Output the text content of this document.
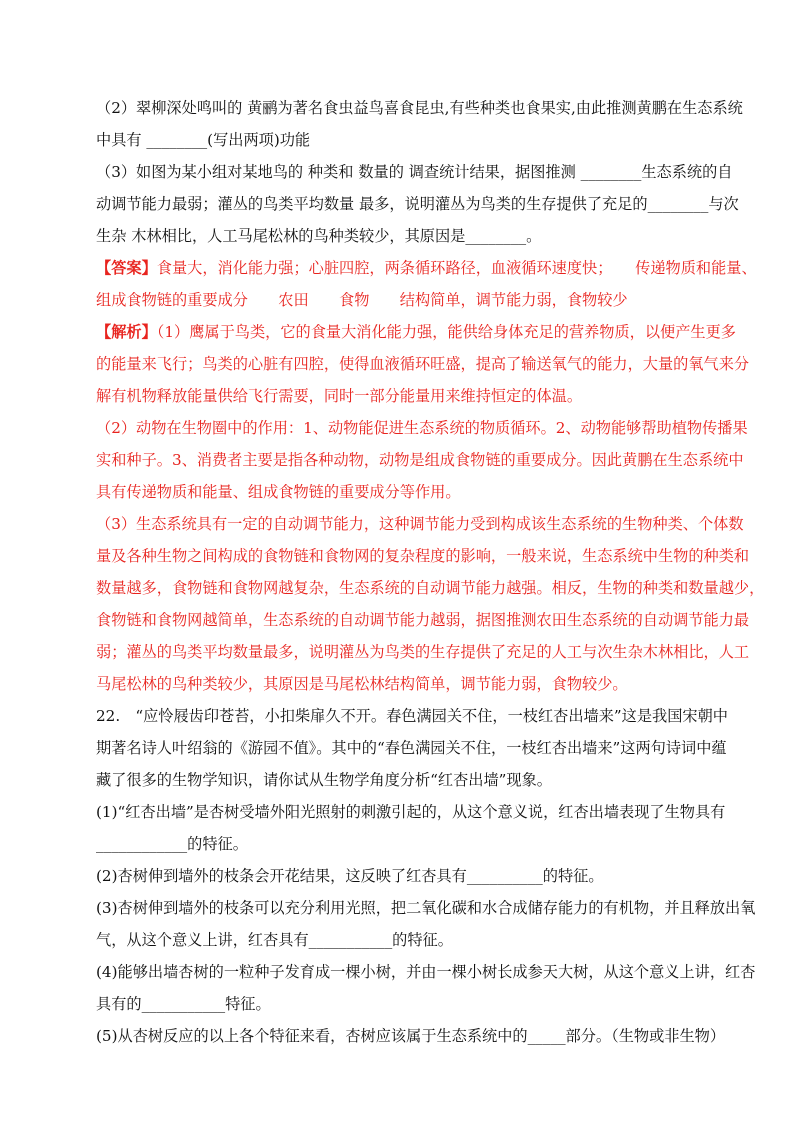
（2）翠柳深处鸣叫的 黄鹂为著名食虫益鸟喜食昆虫,有些种类也食果实,由此推测黄鹏在生态系统
中具有 ________(写出两项)功能
（3）如图为某小组对某地鸟的 种类和 数量的 调查统计结果，据图推测 ________生态系统的自
动调节能力最弱；灌丛的鸟类平均数量 最多，说明灌丛为鸟类的生存提供了充足的________与次
生杂 木林相比，人工马尾松林的鸟种类较少，其原因是________。
【答案】食量大，消化能力强；心脏四腔，两条循环路径，血液循环速度快；　　传递物质和能量、
组成食物链的重要成分　　农田　　食物　　结构简单，调节能力弱，食物较少
【解析】（1）鹰属于鸟类，它的食量大消化能力强，能供给身体充足的营养物质，以便产生更多
的能量来飞行；鸟类的心脏有四腔，使得血液循环旺盛，提高了输送氧气的能力，大量的氧气来分
解有机物释放能量供给飞行需要，同时一部分能量用来维持恒定的体温。
（2）动物在生物圈中的作用：1、动物能促进生态系统的物质循环。2、动物能够帮助植物传播果
实和种子。3、消费者主要是指各种动物，动物是组成食物链的重要成分。因此黄鹏在生态系统中
具有传递物质和能量、组成食物链的重要成分等作用。
（3）生态系统具有一定的自动调节能力，这种调节能力受到构成该生态系统的生物种类、个体数
量及各种生物之间构成的食物链和食物网的复杂程度的影响，一般来说，生态系统中生物的种类和
数量越多，食物链和食物网越复杂，生态系统的自动调节能力越强。相反，生物的种类和数量越少，
食物链和食物网越简单，生态系统的自动调节能力越弱，据图推测农田生态系统的自动调节能力最
弱；灌丛的鸟类平均数量最多，说明灌丛为鸟类的生存提供了充足的人工与次生杂木林相比，人工
马尾松林的鸟种类较少，其原因是马尾松林结构简单，调节能力弱，食物较少。
22.　“应怜屐齿印苍苔，小扣柴扉久不开。春色满园关不住，一枝红杏出墙来”这是我国宋朝中
期著名诗人叶绍翁的《游园不值》。其中的“春色满园关不住，一枝红杏出墙来”这两句诗词中蕴
藏了很多的生物学知识，请你试从生物学角度分析“红杏出墙”现象。
(1)“红杏出墙”是杏树受墙外阳光照射的刺激引起的，从这个意义说，红杏出墙表现了生物具有
____________的特征。
(2)杏树伸到墙外的枝条会开花结果，这反映了红杏具有__________的特征。
(3)杏树伸到墙外的枝条可以充分利用光照，把二氧化碳和水合成储存能力的有机物，并且释放出氧
气，从这个意义上讲，红杏具有___________的特征。
(4)能够出墙杏树的一粒种子发育成一棵小树，并由一棵小树长成参天大树，从这个意义上讲，红杏
具有的___________特征。
(5)从杏树反应的以上各个特征来看，杏树应该属于生态系统中的_____部分。（生物或非生物）
